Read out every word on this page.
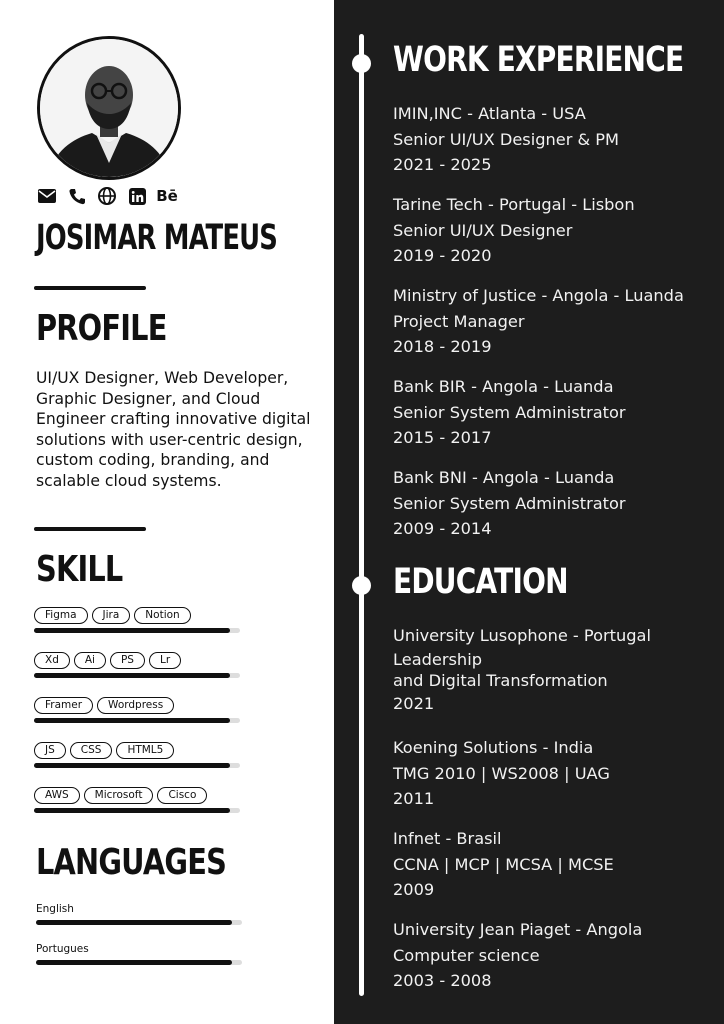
Bē
JOSIMAR MATEUS
PROFILE
UI/UX Designer, Web Developer, Graphic Designer, and Cloud Engineer crafting innovative digital solutions with user-centric design, custom coding, branding, and scalable cloud systems.
SKILL
Figma	Jira	Notion
Xd	Ai	PS	Lr
Framer	Wordpress
JS	CSS	HTML5
AWS	Microsoft	Cisco
LANGUAGES
English
Portugues
WORK EXPERIENCE
IMIN,INC - Atlanta - USA
Senior UI/UX Designer & PM
2021 - 2025
Tarine Tech - Portugal - Lisbon
Senior UI/UX Designer
2019 - 2020
Ministry of Justice - Angola - Luanda
Project Manager
2018 - 2019
Bank BIR - Angola - Luanda
Senior System Administrator
2015 - 2017
Bank BNI - Angola - Luanda
Senior System Administrator
2009 - 2014
EDUCATION
University Lusophone - Portugal
Leadership
and Digital Transformation
2021
Koening Solutions - India
TMG 2010 | WS2008 | UAG
2011
Infnet - Brasil
CCNA | MCP | MCSA | MCSE
2009
University Jean Piaget - Angola
Computer science
2003 - 2008
